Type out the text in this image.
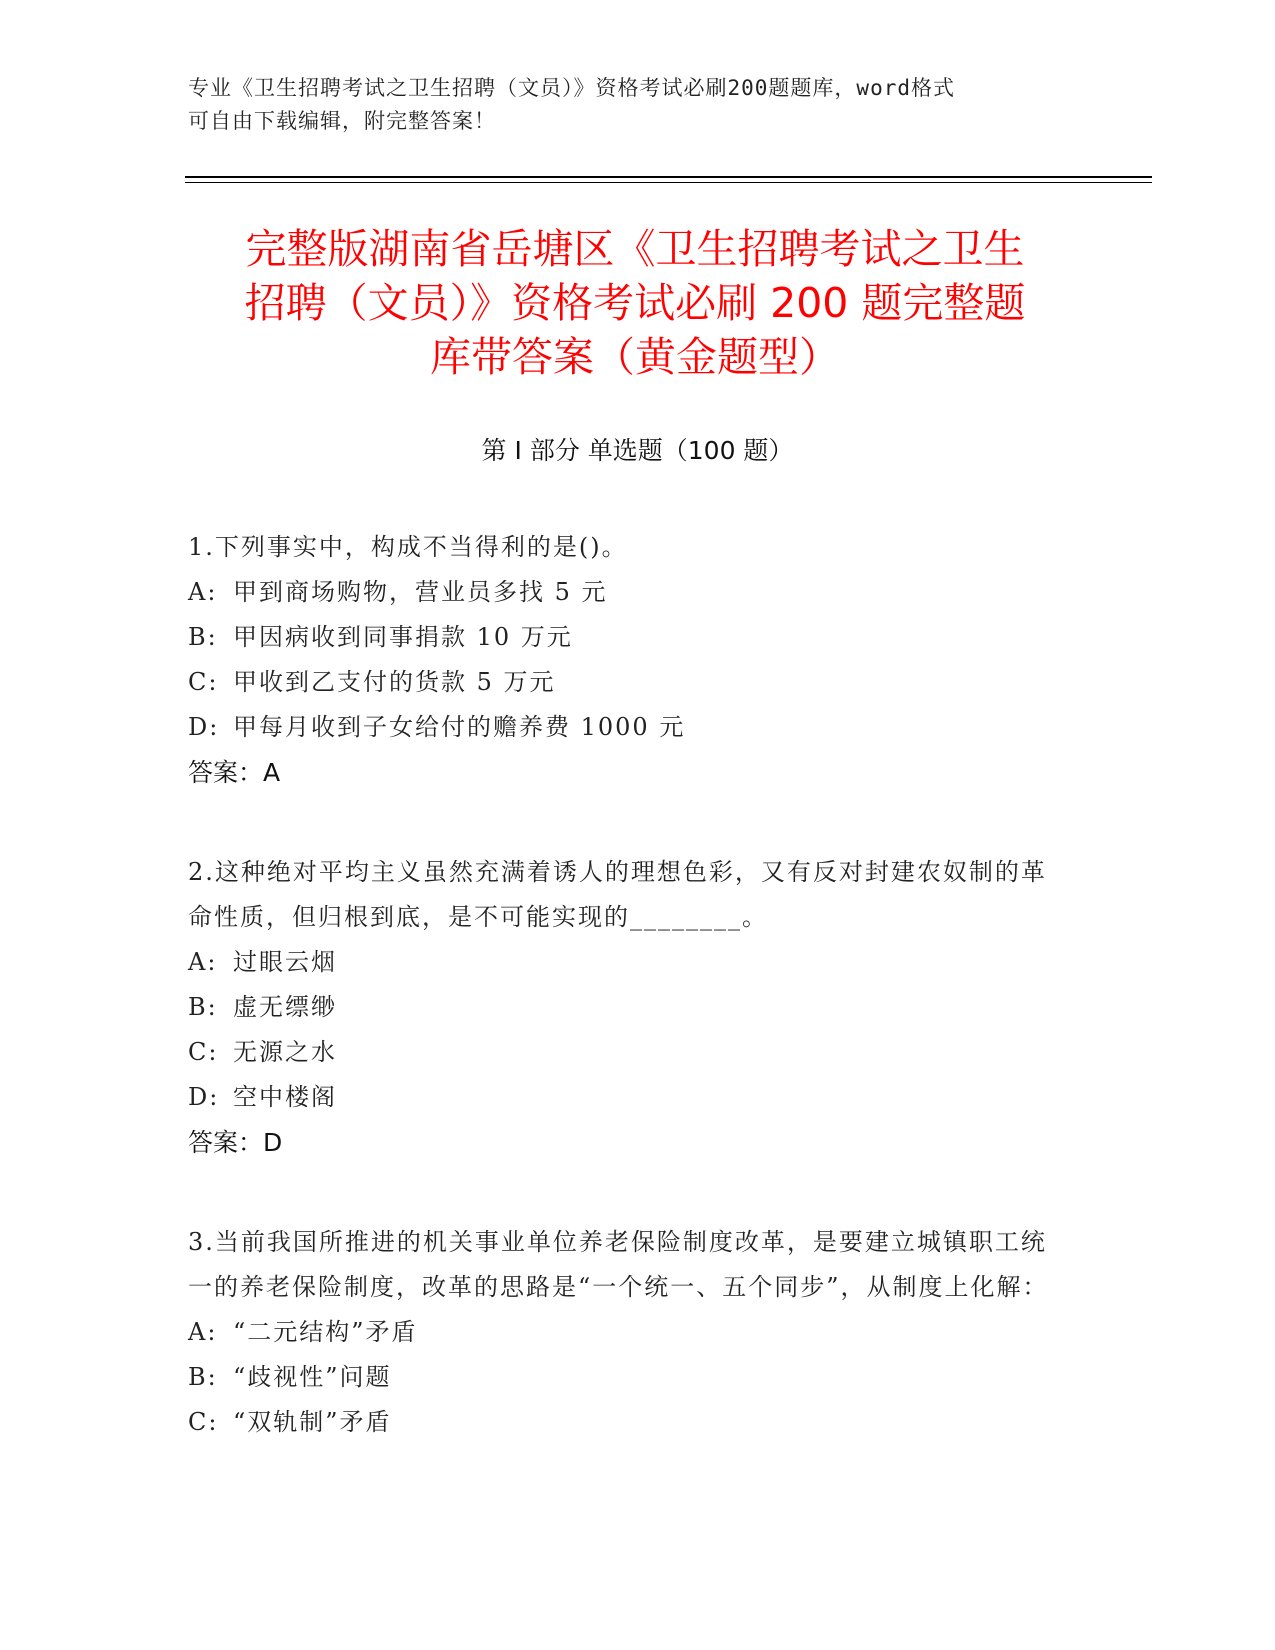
专业《卫生招聘考试之卫生招聘（文员）》资格考试必刷200题题库，word格式
可自由下载编辑，附完整答案！
完整版湖南省岳塘区《卫生招聘考试之卫生
招聘（文员）》资格考试必刷 200 题完整题
库带答案（黄金题型）
第 I 部分 单选题（100 题）
1.下列事实中，构成不当得利的是()。
A: 甲到商场购物，营业员多找 5 元
B: 甲因病收到同事捐款 10 万元
C: 甲收到乙支付的货款 5 万元
D: 甲每月收到子女给付的赡养费 1000 元
答案：A
2.这种绝对平均主义虽然充满着诱人的理想色彩，又有反对封建农奴制的革命性质，但归根到底，是不可能实现的________。
A: 过眼云烟
B: 虚无缥缈
C: 无源之水
D: 空中楼阁
答案：D
3.当前我国所推进的机关事业单位养老保险制度改革，是要建立城镇职工统一的养老保险制度，改革的思路是“一个统一、五个同步”，从制度上化解：
A: “二元结构”矛盾
B: “歧视性”问题
C: “双轨制”矛盾
